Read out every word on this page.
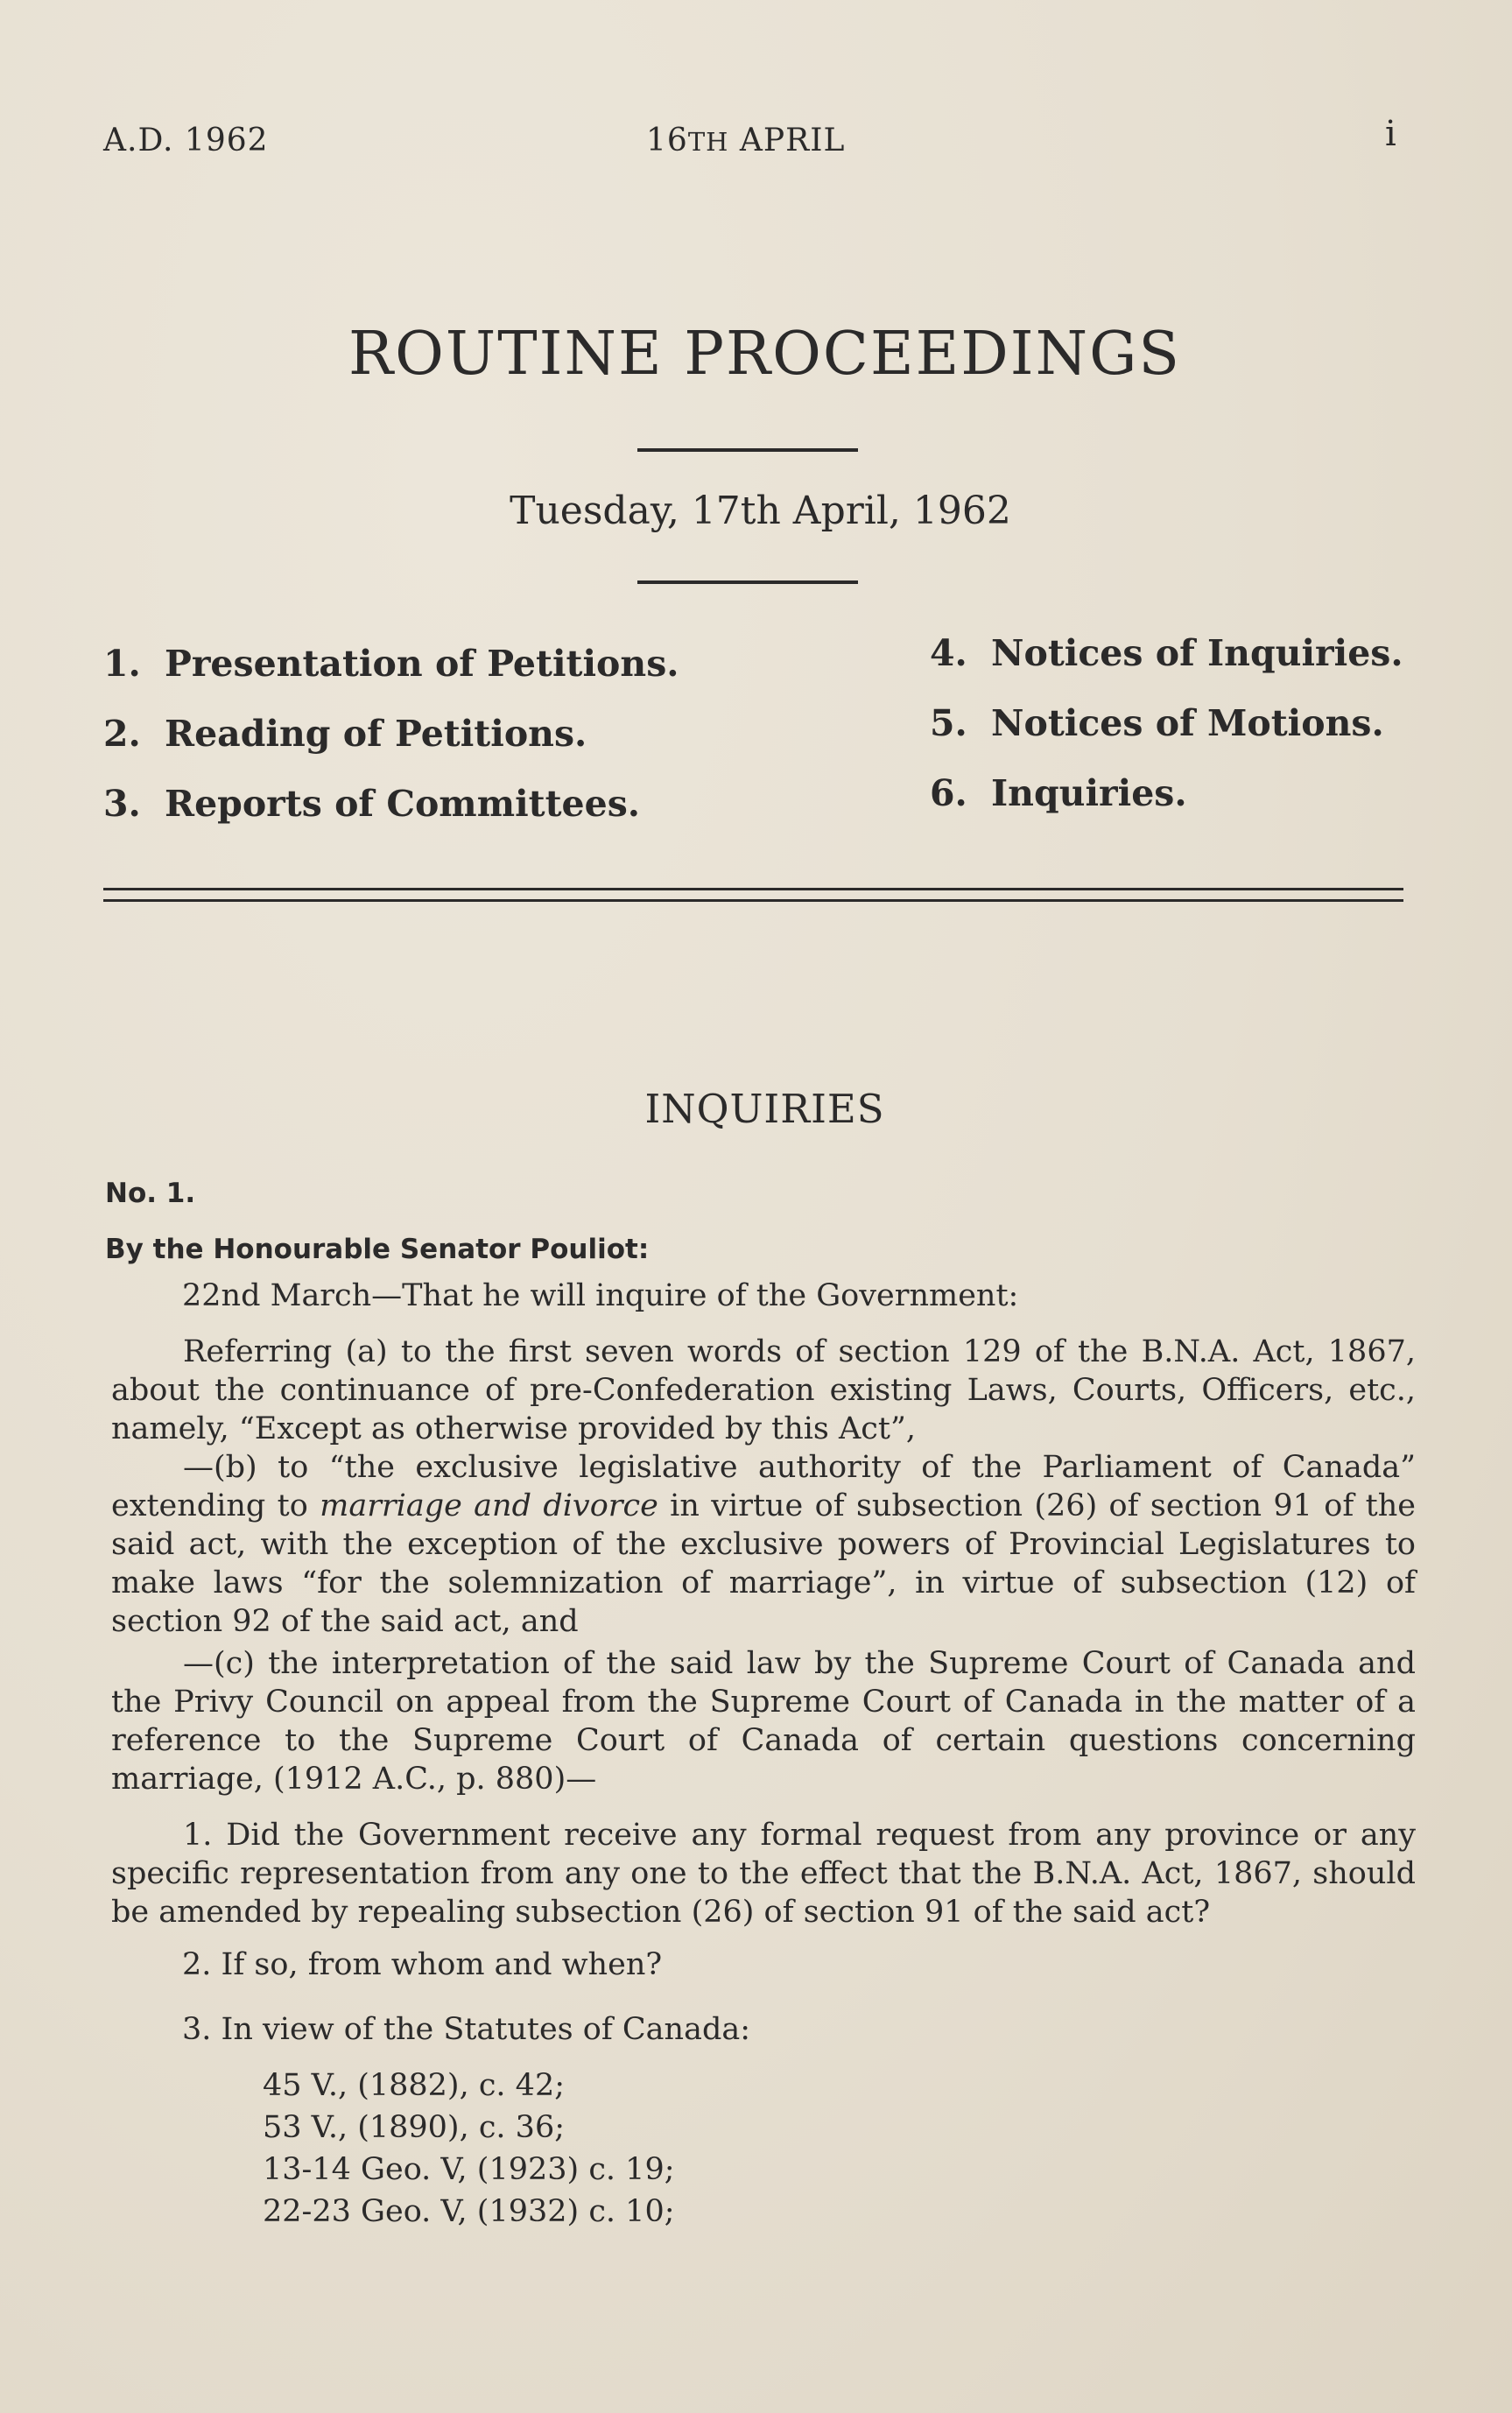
A.D. 1962	16TH APRIL	i
ROUTINE PROCEEDINGS
Tuesday, 17th April, 1962
1. Presentation of Petitions.
2. Reading of Petitions.
3. Reports of Committees.
4. Notices of Inquiries.
5. Notices of Motions.
6. Inquiries.
INQUIRIES
No. 1.
By the Honourable Senator Pouliot:
22nd March—That he will inquire of the Government:
Referring (a) to the first seven words of section 129 of the B.N.A. Act, 1867, about the continuance of pre-Confederation existing Laws, Courts, Officers, etc., namely, “Except as otherwise provided by this Act”,
—(b) to “the exclusive legislative authority of the Parliament of Canada” extending to marriage and divorce in virtue of subsection (26) of section 91 of the said act, with the exception of the exclusive powers of Provincial Legislatures to make laws “for the solemnization of marriage”, in virtue of subsection (12) of section 92 of the said act, and
—(c) the interpretation of the said law by the Supreme Court of Canada and the Privy Council on appeal from the Supreme Court of Canada in the matter of a reference to the Supreme Court of Canada of certain questions concerning marriage, (1912 A.C., p. 880)—
1. Did the Government receive any formal request from any province or any specific representation from any one to the effect that the B.N.A. Act, 1867, should be amended by repealing subsection (26) of section 91 of the said act?
2. If so, from whom and when?
3. In view of the Statutes of Canada:
45 V., (1882), c. 42;
53 V., (1890), c. 36;
13-14 Geo. V, (1923) c. 19;
22-23 Geo. V, (1932) c. 10;
